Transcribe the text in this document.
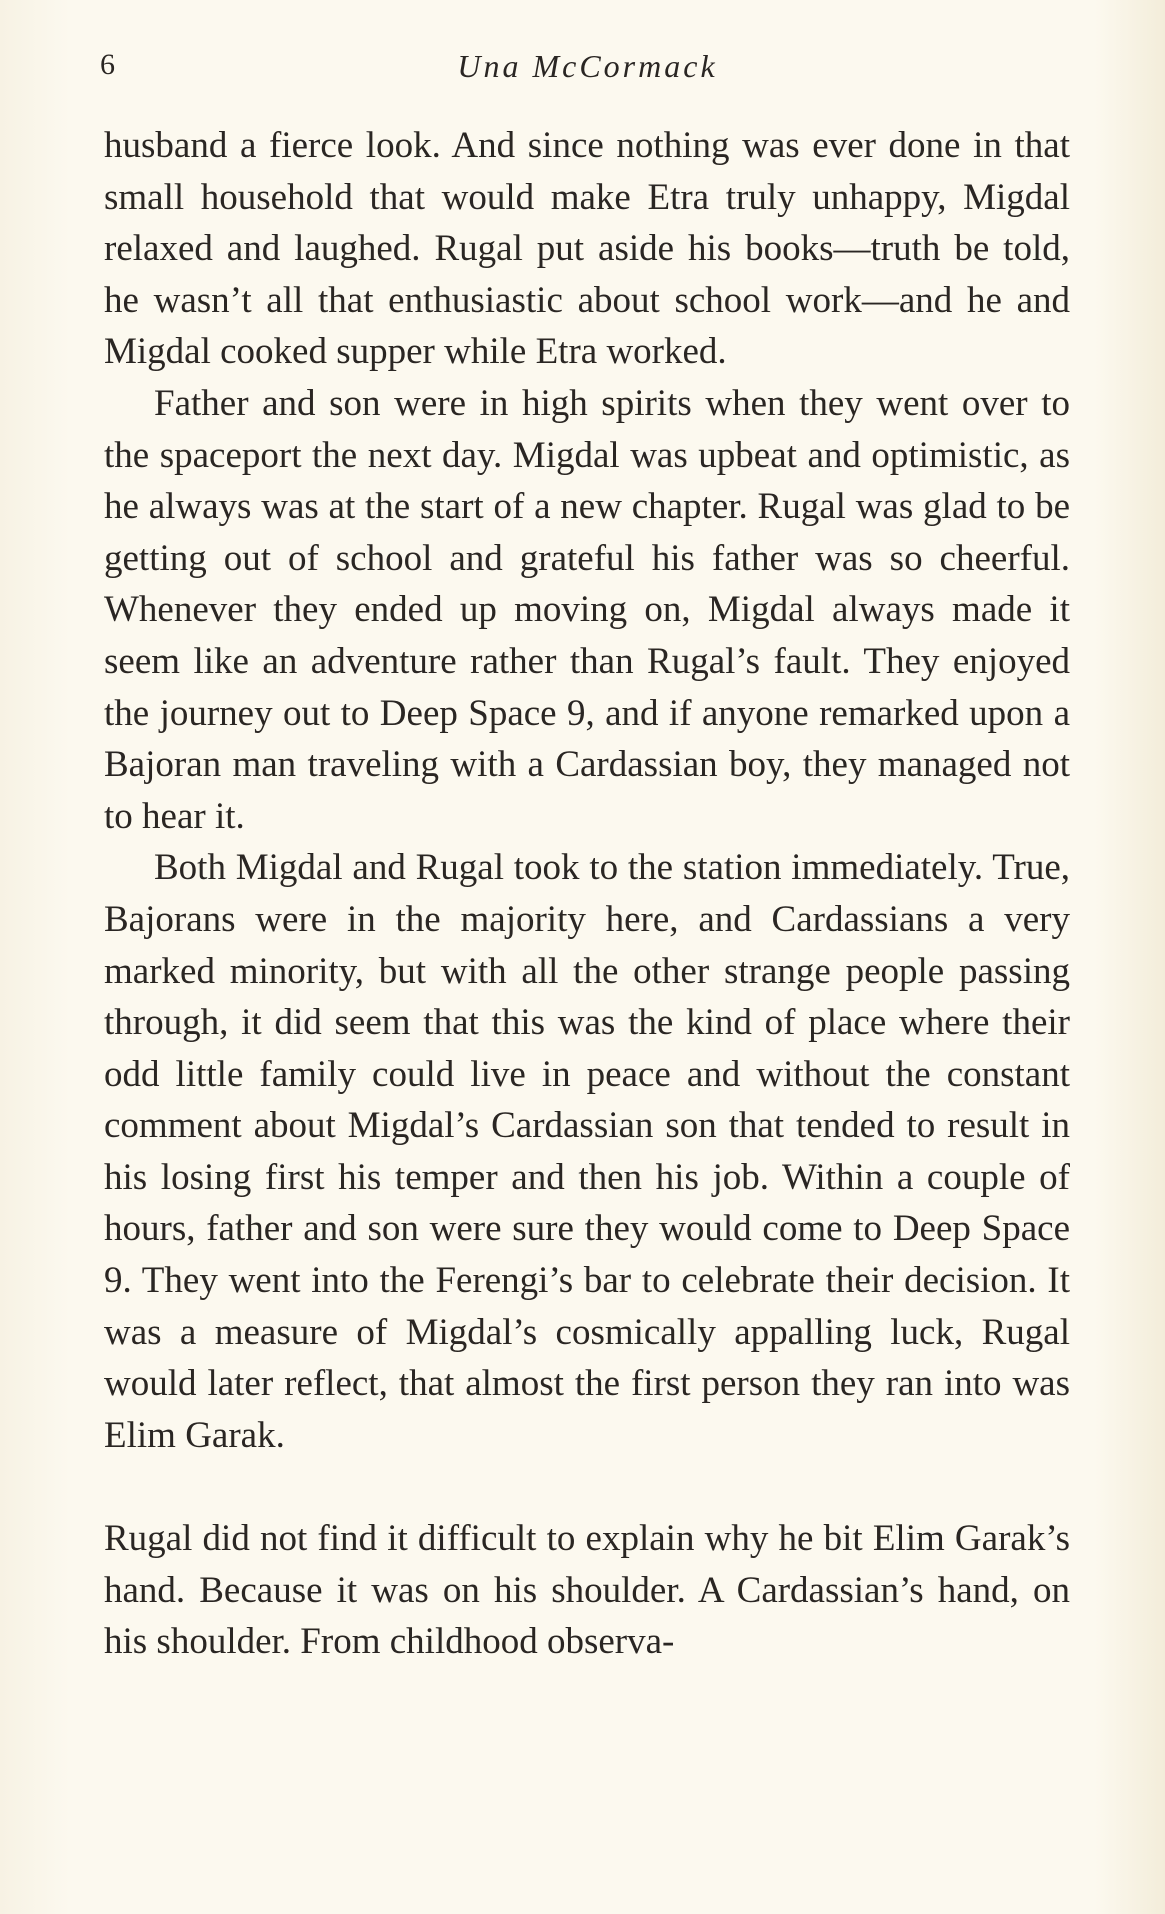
6	Una McCormack

husband a fierce look. And since nothing was ever done in that small household that would make Etra truly unhappy, Migdal relaxed and laughed. Rugal put aside his books—truth be told, he wasn’t all that enthusiastic about school work—and he and Migdal cooked supper while Etra worked.

Father and son were in high spirits when they went over to the spaceport the next day. Migdal was upbeat and optimistic, as he always was at the start of a new chapter. Rugal was glad to be getting out of school and grateful his father was so cheerful. Whenever they ended up moving on, Migdal always made it seem like an adventure rather than Rugal’s fault. They enjoyed the journey out to Deep Space 9, and if anyone remarked upon a Bajoran man traveling with a Cardassian boy, they managed not to hear it.

Both Migdal and Rugal took to the station immediately. True, Bajorans were in the majority here, and Cardassians a very marked minority, but with all the other strange people passing through, it did seem that this was the kind of place where their odd little family could live in peace and without the constant comment about Migdal’s Cardassian son that tended to result in his losing first his temper and then his job. Within a couple of hours, father and son were sure they would come to Deep Space 9. They went into the Ferengi’s bar to celebrate their decision. It was a measure of Migdal’s cosmically appalling luck, Rugal would later reflect, that almost the first person they ran into was Elim Garak.

Rugal did not find it difficult to explain why he bit Elim Garak’s hand. Because it was on his shoulder. A Cardassian’s hand, on his shoulder. From childhood observa-
